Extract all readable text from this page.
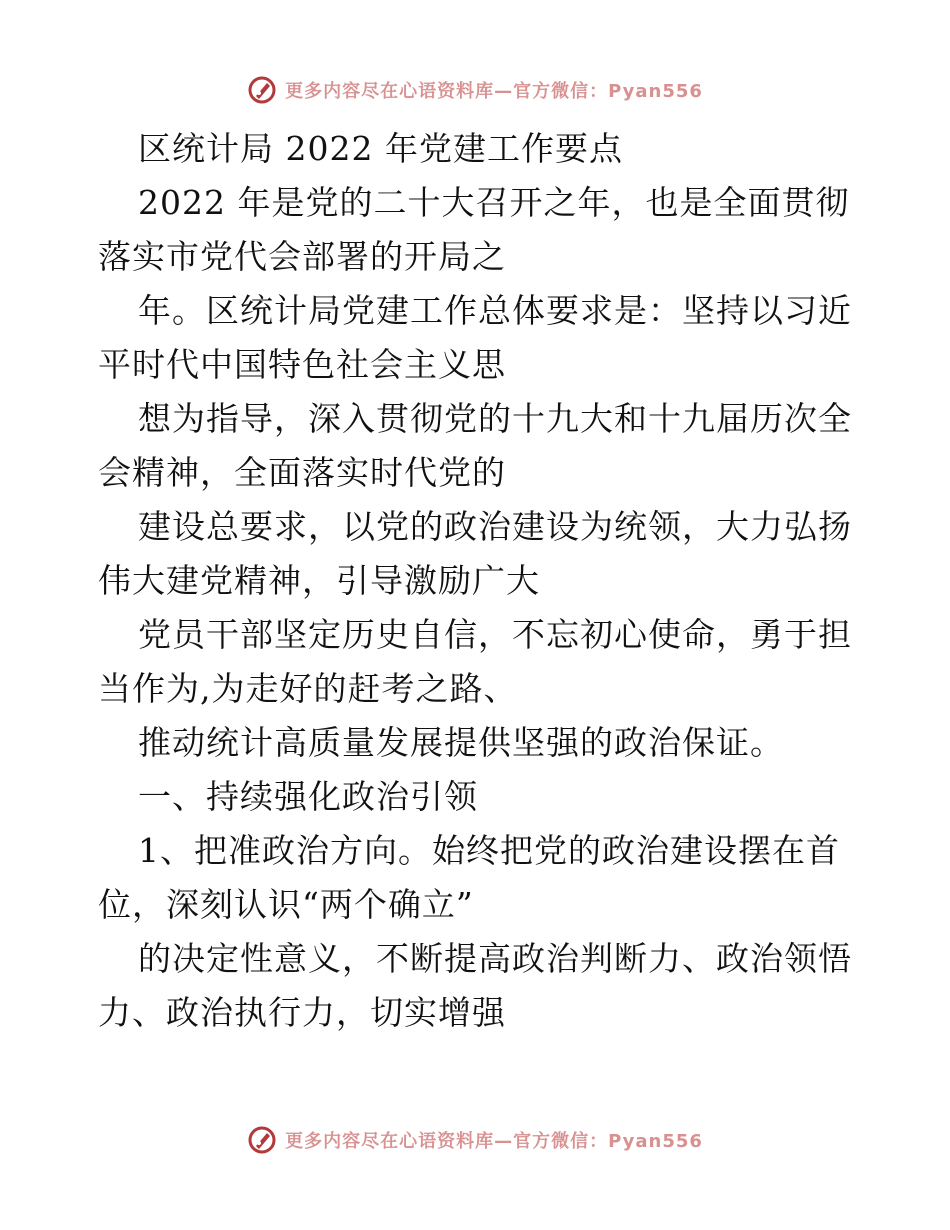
更多内容尽在心语资料库—官方微信：Pyan556
区统计局 2022 年党建工作要点
2022 年是党的二十大召开之年，也是全面贯彻
落实市党代会部署的开局之
年。区统计局党建工作总体要求是：坚持以习近
平时代中国特色社会主义思
想为指导，深入贯彻党的十九大和十九届历次全
会精神，全面落实时代党的
建设总要求，以党的政治建设为统领，大力弘扬
伟大建党精神，引导激励广大
党员干部坚定历史自信，不忘初心使命，勇于担
当作为,为走好的赶考之路、
推动统计高质量发展提供坚强的政治保证。
一、持续强化政治引领
1、把准政治方向。始终把党的政治建设摆在首
位，深刻认识“两个确立”
的决定性意义，不断提高政治判断力、政治领悟
力、政治执行力，切实增强
更多内容尽在心语资料库—官方微信：Pyan556
